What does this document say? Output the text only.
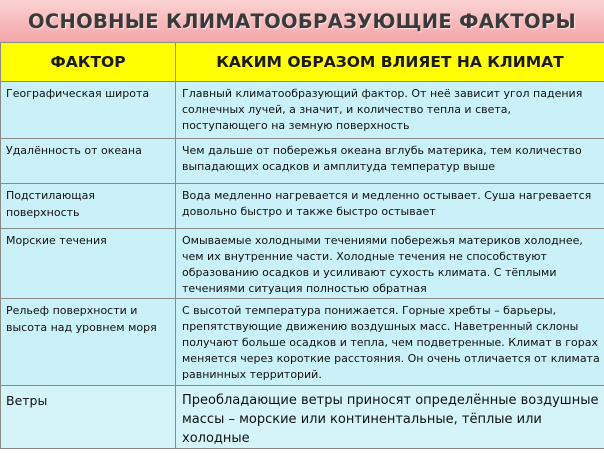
ОСНОВНЫЕ КЛИМАТООБРАЗУЮЩИЕ ФАКТОРЫ
ФАКТОР	КАКИМ ОБРАЗОМ ВЛИЯЕТ НА КЛИМАТ
Географическая широта	Главный климатообразующий фактор. От неё зависит угол падения солнечных лучей, а значит, и количество тепла и света, поступающего на земную поверхность
Удалённость от океана	Чем дальше от побережья океана вглубь материка, тем количество выпадающих осадков и амплитуда температур выше
Подстилающая поверхность	Вода медленно нагревается и медленно остывает. Суша нагревается довольно быстро и также быстро остывает
Морские течения	Омываемые холодными течениями побережья материков холоднее, чем их внутренние части. Холодные течения не способствуют образованию осадков и усиливают сухость климата. С тёплыми течениями ситуация полностью обратная
Рельеф поверхности и высота над уровнем моря	С высотой температура понижается. Горные хребты – барьеры, препятствующие движению воздушных масс. Наветренный склоны получают больше осадков и тепла, чем подветренные. Климат в горах меняется через короткие расстояния. Он очень отличается от климата равнинных территорий.
Ветры	Преобладающие ветры приносят определённые воздушные массы – морские или континентальные, тёплые или холодные
